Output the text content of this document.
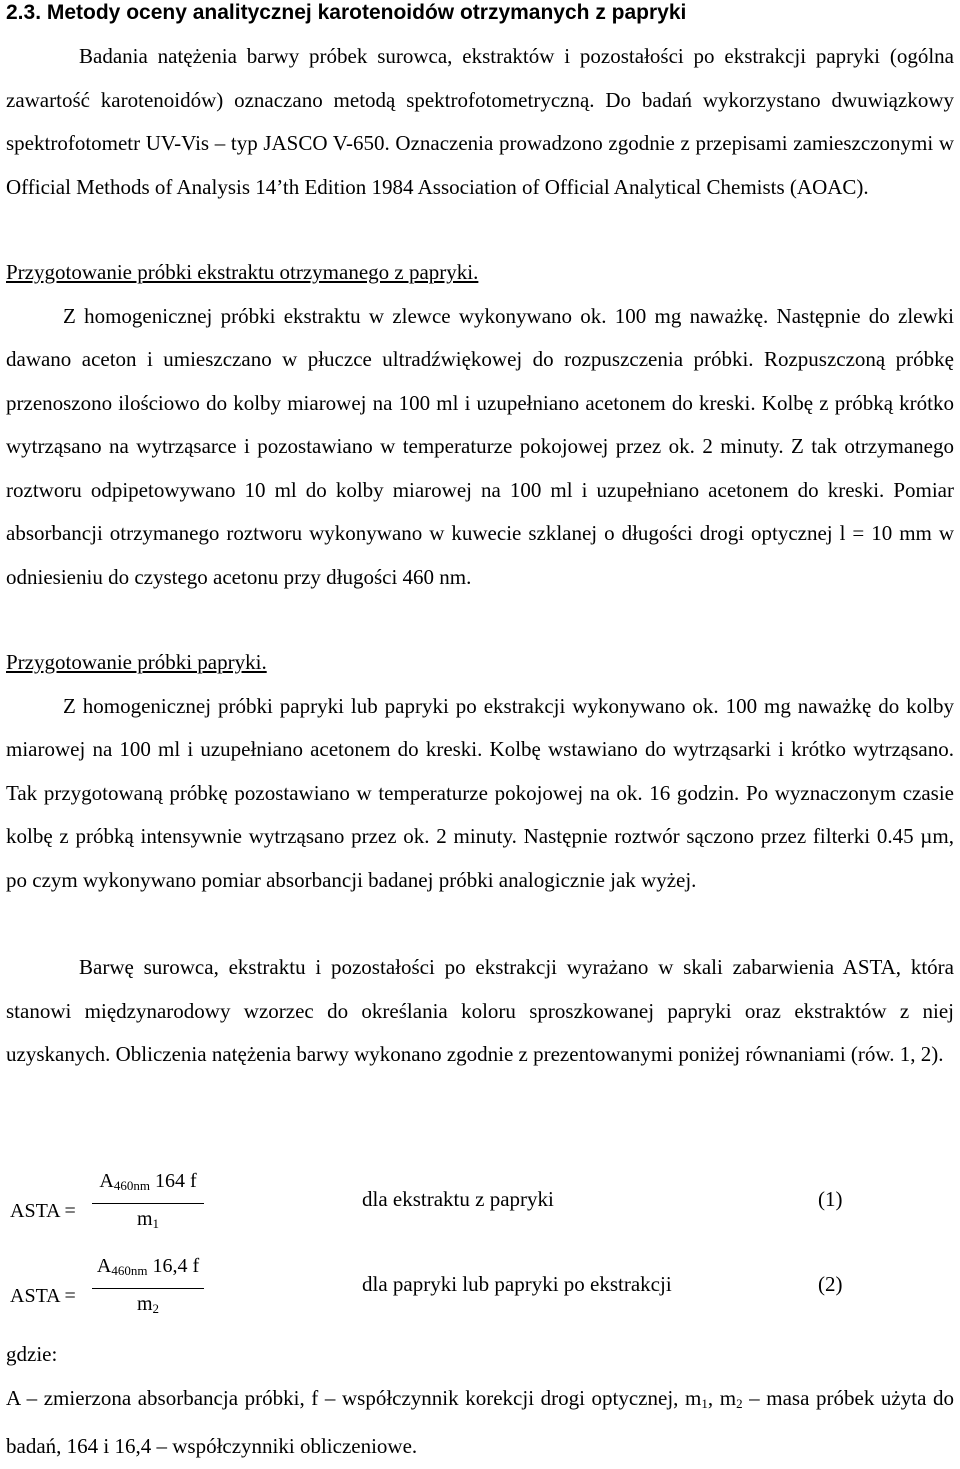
2.3. Metody oceny analitycznej karotenoidów otrzymanych z papryki

Badania natężenia barwy próbek surowca, ekstraktów i pozostałości po ekstrakcji papryki (ogólna zawartość karotenoidów) oznaczano metodą spektrofotometryczną. Do badań wykorzystano dwuwiązkowy spektrofotometr UV-Vis – typ JASCO V-650. Oznaczenia prowadzono zgodnie z przepisami zamieszczonymi w Official Methods of Analysis 14’th Edition 1984 Association of Official Analytical Chemists (AOAC).

Przygotowanie próbki ekstraktu otrzymanego z papryki.
Z homogenicznej próbki ekstraktu w zlewce wykonywano ok. 100 mg naważkę. Następnie do zlewki dawano aceton i umieszczano w płuczce ultradźwiękowej do rozpuszczenia próbki. Rozpuszczoną próbkę przenoszono ilościowo do kolby miarowej na 100 ml i uzupełniano acetonem do kreski. Kolbę z próbką krótko wytrząsano na wytrząsarce i pozostawiano w temperaturze pokojowej przez ok. 2 minuty. Z tak otrzymanego roztworu odpipetowywano 10 ml do kolby miarowej na 100 ml i uzupełniano acetonem do kreski. Pomiar absorbancji otrzymanego roztworu wykonywano w kuwecie szklanej o długości drogi optycznej l = 10 mm w odniesieniu do czystego acetonu przy długości 460 nm.

Przygotowanie próbki papryki.
Z homogenicznej próbki papryki lub papryki po ekstrakcji wykonywano ok. 100 mg naważkę do kolby miarowej na 100 ml i uzupełniano acetonem do kreski. Kolbę wstawiano do wytrząsarki i krótko wytrząsano. Tak przygotowaną próbkę pozostawiano w temperaturze pokojowej na ok. 16 godzin. Po wyznaczonym czasie kolbę z próbką intensywnie wytrząsano przez ok. 2 minuty. Następnie roztwór sączono przez filterki 0.45 µm, po czym wykonywano pomiar absorbancji badanej próbki analogicznie jak wyżej.

Barwę surowca, ekstraktu i pozostałości po ekstrakcji wyrażano w skali zabarwienia ASTA, która stanowi międzynarodowy wzorzec do określania koloru sproszkowanej papryki oraz ekstraktów z niej uzyskanych. Obliczenia natężenia barwy wykonano zgodnie z prezentowanymi poniżej równaniami (rów. 1, 2).

ASTA =
$A_{460nm}$ 164 f
$m_1$
dla ekstraktu z papryki	(1)
ASTA =
$A_{460nm}$ 16,4 f
$m_2$
dla papryki lub papryki po ekstrakcji	(2)

gdzie:
A – zmierzona absorbancja próbki, f – współczynnik korekcji drogi optycznej, $m_1$, $m_2$ – masa próbek użyta do badań, 164 i 16,4 – współczynniki obliczeniowe.
